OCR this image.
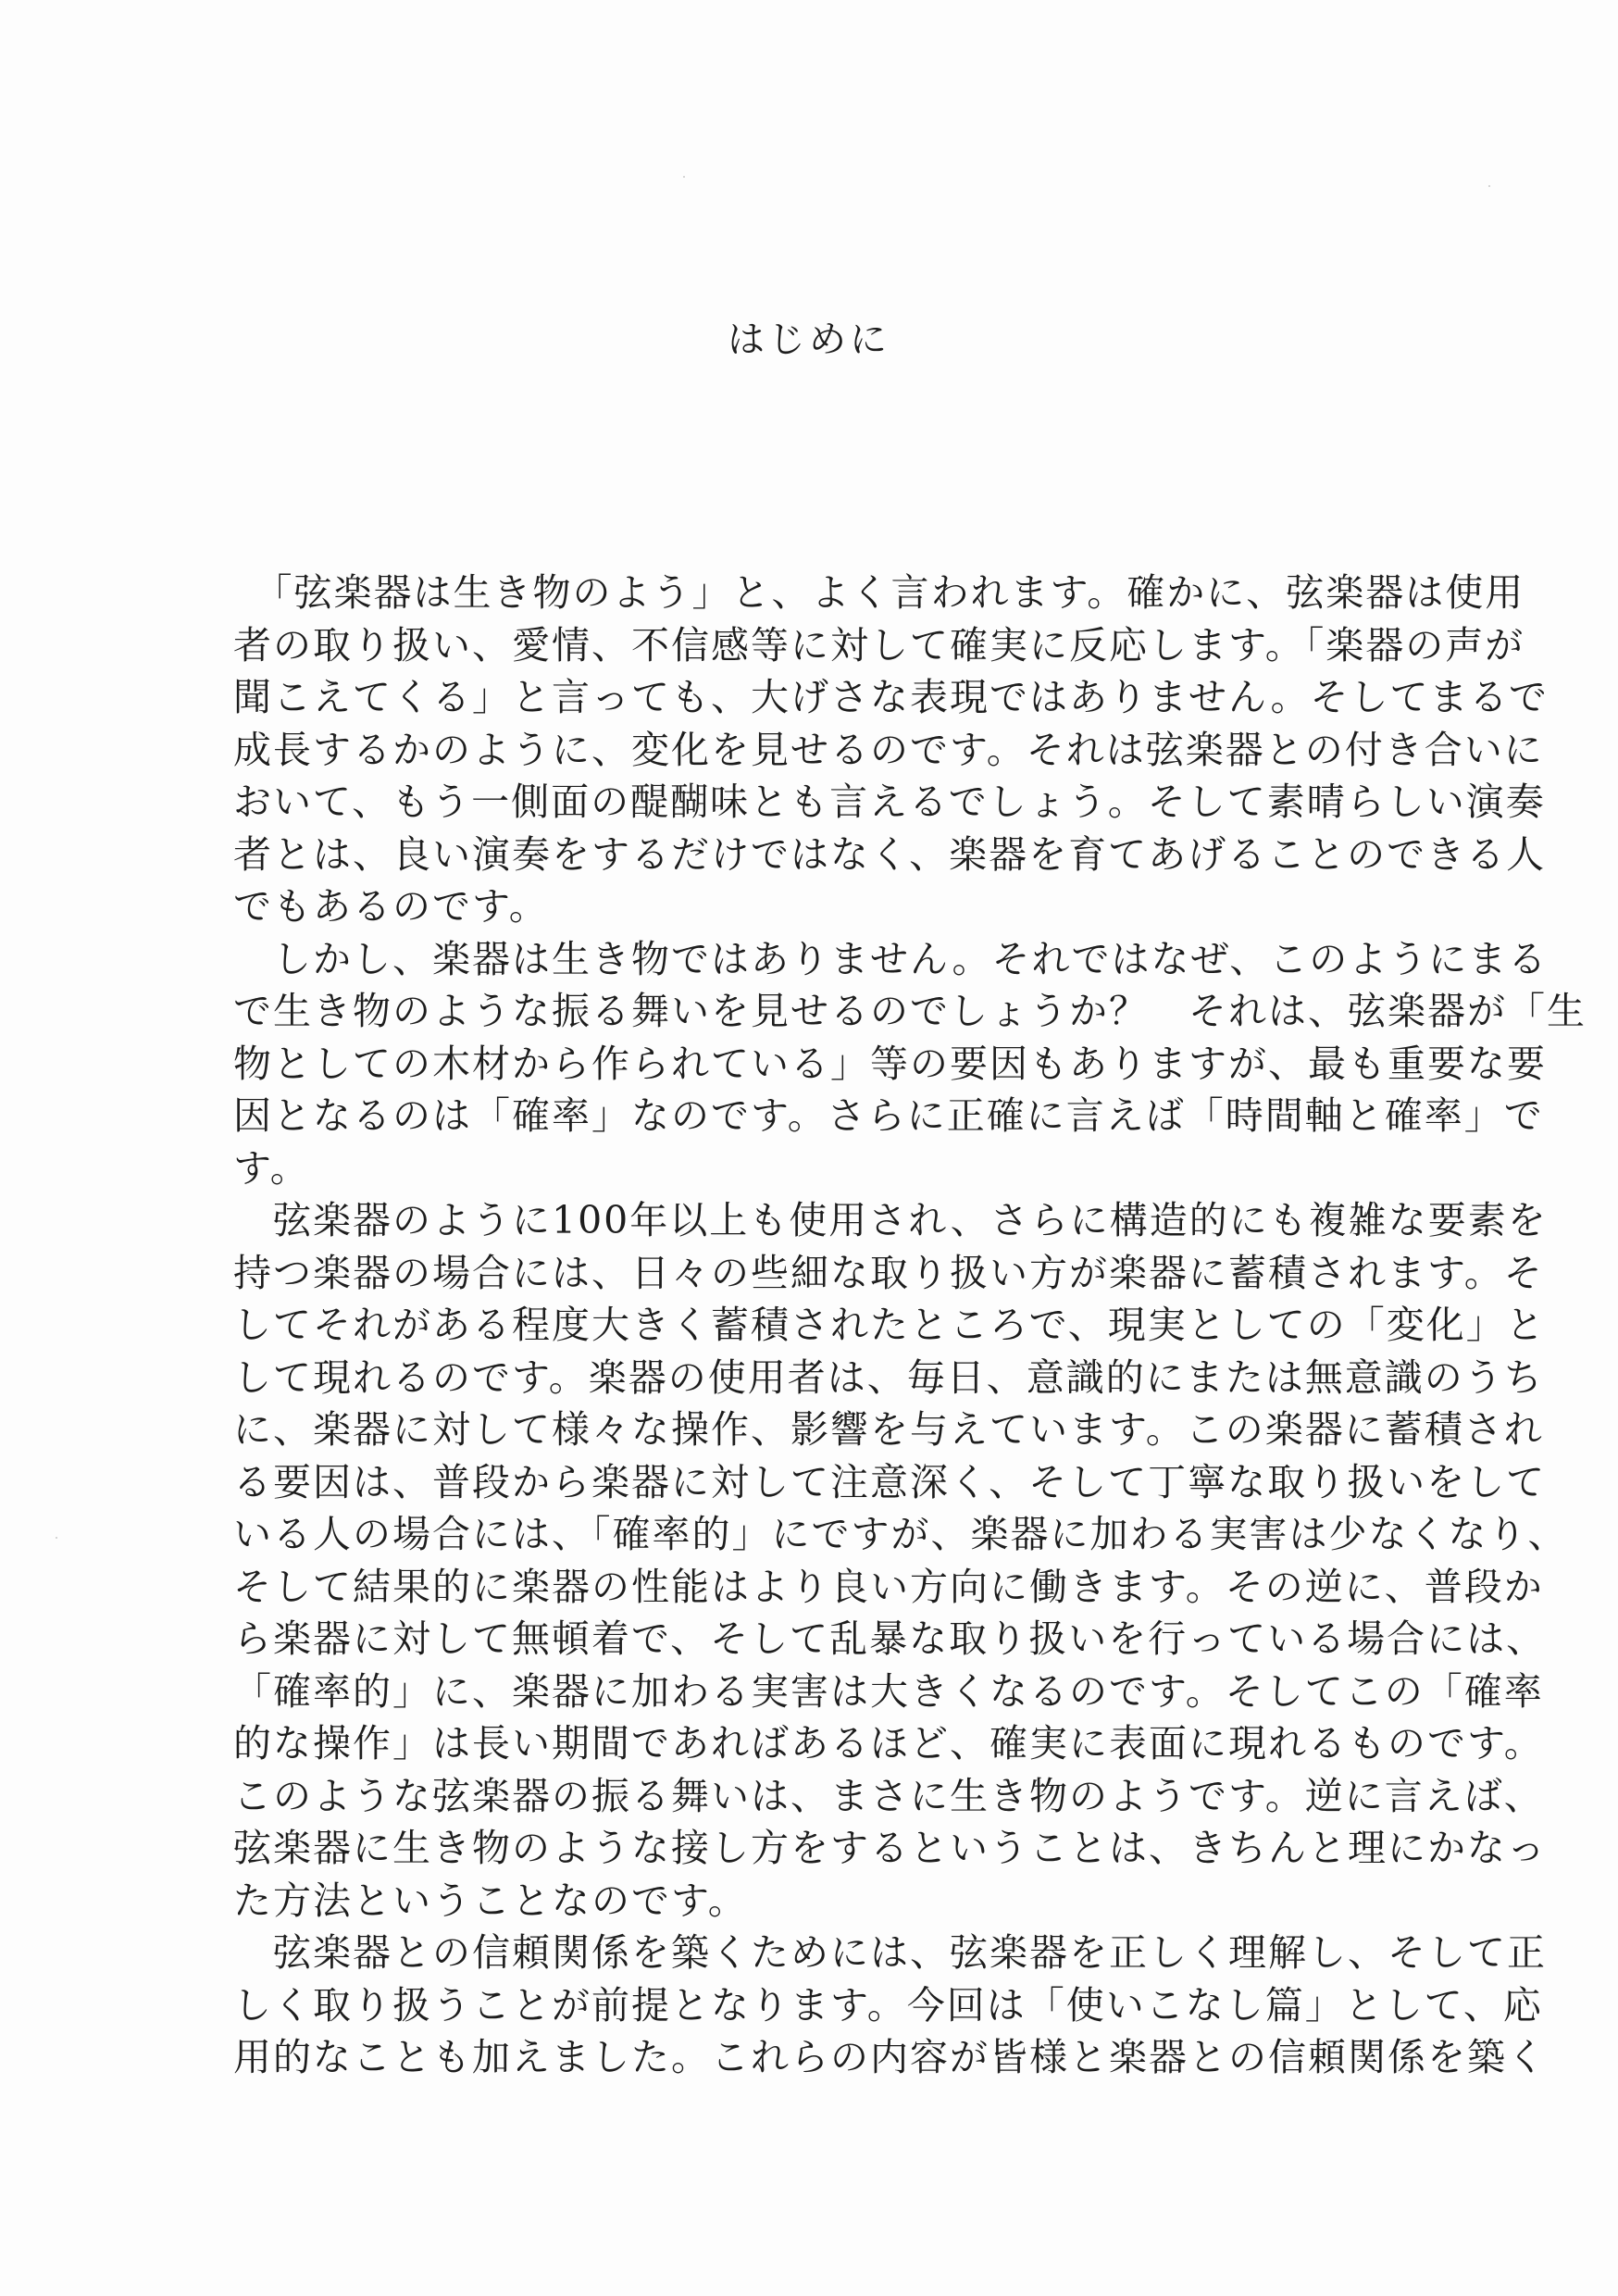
はじめに
　「弦楽器は生き物のよう」と、よく言われます。確かに、弦楽器は使用
者の取り扱い、愛情、不信感等に対して確実に反応します。「楽器の声が
聞こえてくる」と言っても、大げさな表現ではありません。そしてまるで
成長するかのように、変化を見せるのです。それは弦楽器との付き合いに
おいて、もう一側面の醍醐味とも言えるでしょう。そして素晴らしい演奏
者とは、良い演奏をするだけではなく、楽器を育てあげることのできる人
でもあるのです。
　しかし、楽器は生き物ではありません。それではなぜ、このようにまる
で生き物のような振る舞いを見せるのでしょうか？　それは、弦楽器が「生
物としての木材から作られている」等の要因もありますが、最も重要な要
因となるのは「確率」なのです。さらに正確に言えば「時間軸と確率」で
す。
　弦楽器のように100年以上も使用され、さらに構造的にも複雑な要素を
持つ楽器の場合には、日々の些細な取り扱い方が楽器に蓄積されます。そ
してそれがある程度大きく蓄積されたところで、現実としての「変化」と
して現れるのです。楽器の使用者は、毎日、意識的にまたは無意識のうち
に、楽器に対して様々な操作、影響を与えています。この楽器に蓄積され
る要因は、普段から楽器に対して注意深く、そして丁寧な取り扱いをして
いる人の場合には、「確率的」にですが、楽器に加わる実害は少なくなり、
そして結果的に楽器の性能はより良い方向に働きます。その逆に、普段か
ら楽器に対して無頓着で、そして乱暴な取り扱いを行っている場合には、
「確率的」に、楽器に加わる実害は大きくなるのです。そしてこの「確率
的な操作」は長い期間であればあるほど、確実に表面に現れるものです。
このような弦楽器の振る舞いは、まさに生き物のようです。逆に言えば、
弦楽器に生き物のような接し方をするということは、きちんと理にかなっ
た方法ということなのです。
　弦楽器との信頼関係を築くためには、弦楽器を正しく理解し、そして正
しく取り扱うことが前提となります。今回は「使いこなし篇」として、応
用的なことも加えました。これらの内容が皆様と楽器との信頼関係を築く
